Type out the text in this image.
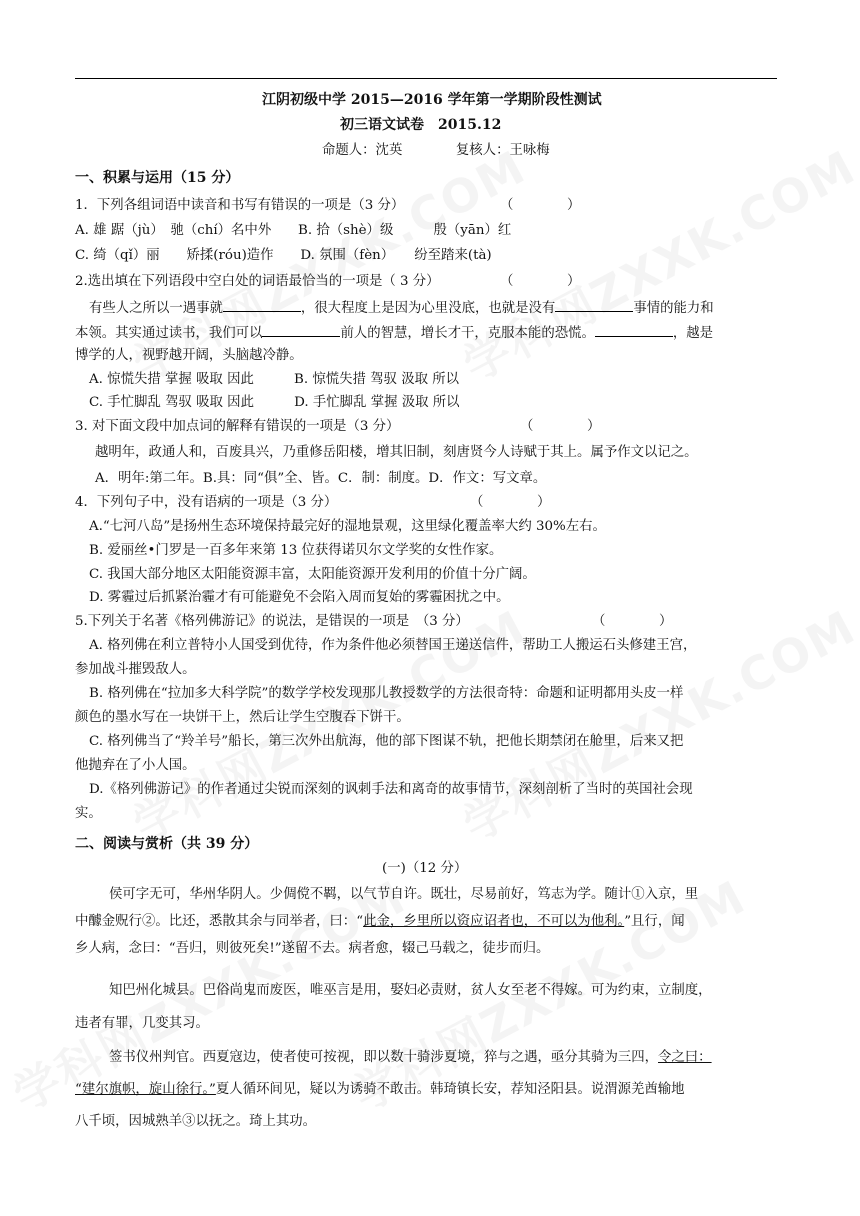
江阴初级中学 2015—2016 学年第一学期阶段性测试
初三语文试卷　2015.12
命题人：沈英　　　　复核人：王咏梅
一、积累与运用（15 分）
1．下列各组词语中读音和书写有错误的一项是（3 分）	（　　　　）
A. 雄 踞（jù）　驰（chí）名中外　　B. 拾（shè）级　　　殷（yān）红
C. 绮（qǐ）丽　　矫揉(róu)造作　　D. 氛围（fèn）　　纷至踏来(tà)
2.选出填在下列语段中空白处的词语最恰当的一项是（ 3 分）	（　　　　）
有些人之所以一遇事就	，很大程度上是因为心里没底，也就是没有	事情的能力和
本领。其实通过读书，我们可以	前人的智慧，增长才干，克服本能的恐慌。	，越是
博学的人，视野越开阔，头脑越冷静。
A. 惊慌失措 掌握 吸取 因此　　　B. 惊慌失措 驾驭 汲取 所以
C. 手忙脚乱 驾驭 吸取 因此　　　D. 手忙脚乱 掌握 汲取 所以
3. 对下面文段中加点词的解释有错误的一项是（3 分）	（　　　　）
越明年，政通人和，百废具兴，乃重修岳阳楼，增其旧制，刻唐贤今人诗赋于其上。属予作文以记之。
A．明年:第二年。B.具：同“俱”全、皆。C．制：制度。D．作文：写文章。
4．下列句子中，没有语病的一项是（3 分）	（　　　　）
A.“七河八岛”是扬州生态环境保持最完好的湿地景观，这里绿化覆盖率大约 30%左右。
B. 爱丽丝•门罗是一百多年来第 13 位获得诺贝尔文学奖的女性作家。
C. 我国大部分地区太阳能资源丰富，太阳能资源开发利用的价值十分广阔。
D. 雾霾过后抓紧治霾才有可能避免不会陷入周而复始的雾霾困扰之中。
5.下列关于名著《格列佛游记》的说法，是错误的一项是　（3 分）	（　　　　）
A. 格列佛在利立普特小人国受到优待，作为条件他必须替国王递送信件，帮助工人搬运石头修建王宫，
参加战斗摧毁敌人。
B. 格列佛在“拉加多大科学院”的数学学校发现那儿教授数学的方法很奇特：命题和证明都用头皮一样
颜色的墨水写在一块饼干上，然后让学生空腹吞下饼干。
C. 格列佛当了“羚羊号”船长，第三次外出航海，他的部下图谋不轨，把他长期禁闭在舱里，后来又把
他抛弃在了小人国。
D.《格列佛游记》的作者通过尖锐而深刻的讽刺手法和离奇的故事情节，深刻剖析了当时的英国社会现
实。
二、阅读与赏析（共 39 分）
(一)（12 分）
侯可字无可，华州华阴人。少倜傥不羁，以气节自许。既壮，尽易前好，笃志为学。随计①入京，里
中醵金贶行②。比还，悉散其余与同举者，曰：“此金，乡里所以资应诏者也，不可以为他利。”且行，闻
乡人病，念曰：“吾归，则彼死矣!”遂留不去。病者愈，辍己马载之，徒步而归。
知巴州化城县。巴俗尚鬼而废医，唯巫言是用，娶妇必责财，贫人女至老不得嫁。可为约束，立制度，
违者有罪，几变其习。
签书仪州判官。西夏寇边，使者使可按视，即以数十骑涉夏境，猝与之遇，亟分其骑为三四，令之曰：
“建尔旗帜，旋山徐行。”夏人循环间见，疑以为诱骑不敢击。韩琦镇长安，荐知泾阳县。说渭源羌酋输地
八千顷，因城熟羊③以抚之。琦上其功。
